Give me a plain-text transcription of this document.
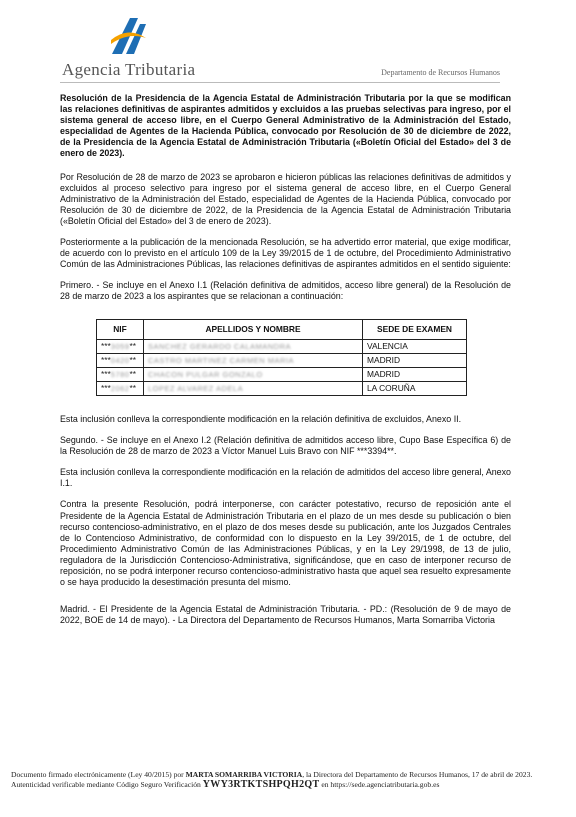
Agencia Tributaria	Departamento de Recursos Humanos

Resolución de la Presidencia de la Agencia Estatal de Administración Tributaria por la que se modifican las relaciones definitivas de aspirantes admitidos y excluidos a las pruebas selectivas para ingreso, por el sistema general de acceso libre, en el Cuerpo General Administrativo de la Administración del Estado, especialidad de Agentes de la Hacienda Pública, convocado por Resolución de 30 de diciembre de 2022, de la Presidencia de la Agencia Estatal de Administración Tributaria («Boletín Oficial del Estado» del 3 de enero de 2023).

Por Resolución de 28 de marzo de 2023 se aprobaron e hicieron públicas las relaciones definitivas de admitidos y excluidos al proceso selectivo para ingreso por el sistema general de acceso libre, en el Cuerpo General Administrativo de la Administración del Estado, especialidad de Agentes de la Hacienda Pública, convocado por Resolución de 30 de diciembre de 2022, de la Presidencia de la Agencia Estatal de Administración Tributaria («Boletín Oficial del Estado» del 3 de enero de 2023).

Posteriormente a la publicación de la mencionada Resolución, se ha advertido error material, que exige modificar, de acuerdo con lo previsto en el artículo 109 de la Ley 39/2015 de 1 de octubre, del Procedimiento Administrativo Común de las Administraciones Públicas, las relaciones definitivas de aspirantes admitidos en el sentido siguiente:

Primero. - Se incluye en el Anexo I.1 (Relación definitiva de admitidos, acceso libre general) de la Resolución de 28 de marzo de 2023 a los aspirantes que se relacionan a continuación:

NIF	APELLIDOS Y NOMBRE	SEDE DE EXAMEN
***3059**	SANCHEZ GERARDO CALAMANDRA	VALENCIA
***0420**	CASTRO MARTINEZ CARMEN MARIA	MADRID
***5780**	CHACON PULGAR GONZALO	MADRID
***2062**	LOPEZ ALVAREZ ADELA	LA CORUÑA

Esta inclusión conlleva la correspondiente modificación en la relación definitiva de excluidos, Anexo II.

Segundo. - Se incluye en el Anexo I.2 (Relación definitiva de admitidos acceso libre, Cupo Base Específica 6) de la Resolución de 28 de marzo de 2023 a Víctor Manuel Luis Bravo con NIF ***3394**.

Esta inclusión conlleva la correspondiente modificación en la relación de admitidos del acceso libre general, Anexo I.1.

Contra la presente Resolución, podrá interponerse, con carácter potestativo, recurso de reposición ante el Presidente de la Agencia Estatal de Administración Tributaria en el plazo de un mes desde su publicación o bien recurso contencioso-administrativo, en el plazo de dos meses desde su publicación, ante los Juzgados Centrales de lo Contencioso Administrativo, de conformidad con lo dispuesto en la Ley 39/2015, de 1 de octubre, del Procedimiento Administrativo Común de las Administraciones Públicas, y en la Ley 29/1998, de 13 de julio, reguladora de la Jurisdicción Contencioso-Administrativa, significándose, que en caso de interponer recurso de reposición, no se podrá interponer recurso contencioso-administrativo hasta que aquel sea resuelto expresamente o se haya producido la desestimación presunta del mismo.

Madrid. - El Presidente de la Agencia Estatal de Administración Tributaria. - PD.: (Resolución de 9 de mayo de 2022, BOE de 14 de mayo). - La Directora del Departamento de Recursos Humanos, Marta Somarriba Victoria

Documento firmado electrónicamente (Ley 40/2015) por MARTA SOMARRIBA VICTORIA, la Directora del Departamento de Recursos Humanos, 17 de abril de 2023.
Autenticidad verificable mediante Código Seguro Verificación YWY3RTKTSHPQH2QT en https://sede.agenciatributaria.gob.es
